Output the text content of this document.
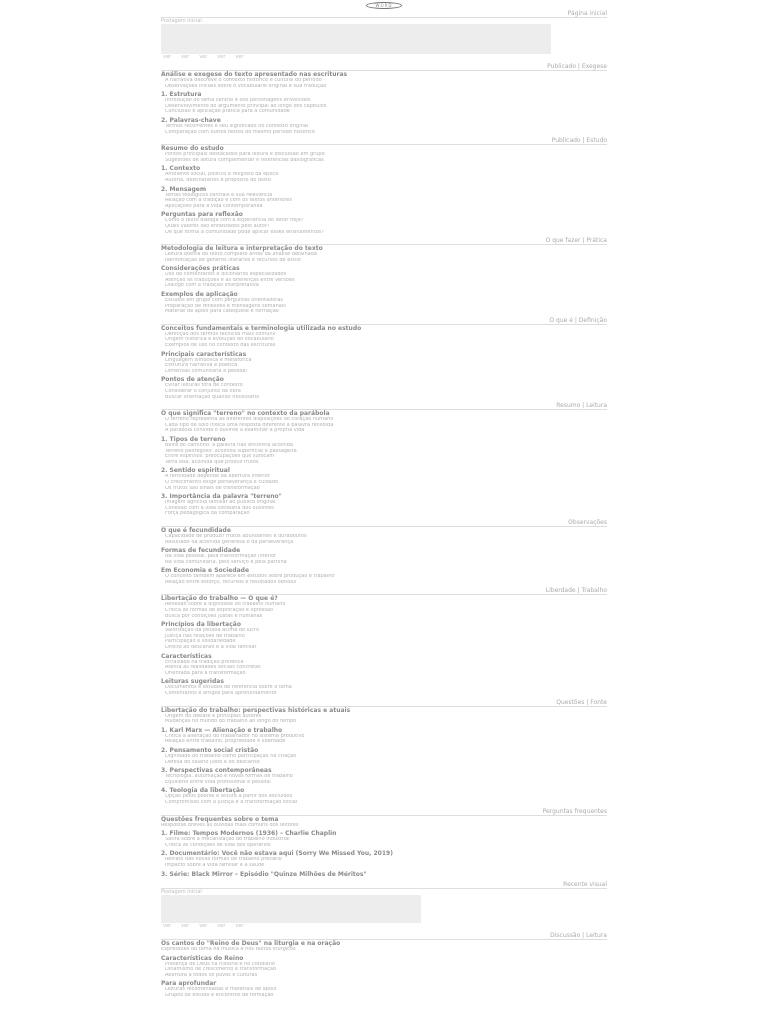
WORD
Página inicial
Postagem inicial
ver ver ver ver ver
Publicado | Exegese
Análise e exegese do texto apresentado nas escrituras
A narrativa descreve o contexto histórico e cultural do período
Observações iniciais sobre o vocabulário original e sua tradução
1. Estrutura
Introdução do tema central e dos personagens envolvidos
Desenvolvimento do argumento principal ao longo dos capítulos
Conclusão e aplicação prática para a comunidade
2. Palavras-chave
Termos recorrentes e seu significado no contexto original
Comparação com outros textos do mesmo período histórico
Publicado | Estudo
Resumo do estudo
Pontos principais destacados para leitura e discussão em grupo
Sugestões de leitura complementar e referências bibliográficas
1. Contexto
Ambiente social, político e religioso da época
Autoria, destinatários e propósito do texto
2. Mensagem
Temas teológicos centrais e sua relevância
Relação com a tradição e com os textos anteriores
Aplicações para a vida contemporânea
Perguntas para reflexão
Como o texto dialoga com a experiência do leitor hoje?
Quais valores são enfatizados pelo autor?
De que forma a comunidade pode aplicar esses ensinamentos?
O que fazer | Prática
Metodologia de leitura e interpretação do texto
Leitura atenta do texto completo antes da análise detalhada
Identificação de gêneros literários e recursos de estilo
Considerações práticas
Uso de comentários e dicionários especializados
Atenção às traduções e às diferenças entre versões
Diálogo com a tradição interpretativa
Exemplos de aplicação
Estudos em grupo com perguntas orientadoras
Preparação de reflexões e mensagens semanais
Material de apoio para catequese e formação
O que é | Definição
Conceitos fundamentais e terminologia utilizada no estudo
Definição dos termos técnicos mais comuns
Origem histórica e evolução do vocabulário
Exemplos de uso no contexto das escrituras
Principais características
Linguagem simbólica e metafórica
Estrutura narrativa e poética
Dimensão comunitária e pessoal
Pontos de atenção
Evitar leituras fora de contexto
Considerar o conjunto da obra
Buscar orientação quando necessário
Resumo | Leitura
O que significa "terreno" no contexto da parábola
O terreno representa as diferentes disposições do coração humano
Cada tipo de solo indica uma resposta diferente à palavra recebida
A parábola convida o ouvinte a examinar a própria vida
1. Tipos de terreno
Beira do caminho: a palavra não encontra acolhida
Terreno pedregoso: acolhida superficial e passageira
Entre espinhos: preocupações que sufocam
Terra boa: acolhida que produz frutos
2. Sentido espiritual
A fertilidade depende da abertura interior
O crescimento exige perseverança e cuidado
Os frutos são sinais de transformação
3. Importância da palavra "terreno"
Imagem agrícola familiar ao público original
Conexão com a vida cotidiana dos ouvintes
Força pedagógica da comparação
Observações
O que é fecundidade
Capacidade de produzir frutos abundantes e duradouros
Resultado da acolhida generosa e da perseverança
Formas de fecundidade
Na vida pessoal, pela transformação interior
Na vida comunitária, pelo serviço e pela partilha
Em Economia e Sociedade
O conceito também aparece em estudos sobre produção e trabalho
Relação entre esforço, recursos e resultados obtidos
Liberdade | Trabalho
Libertação do trabalho — O que é?
Reflexão sobre a dignidade do trabalho humano
Crítica às formas de exploração e opressão
Busca por condições justas e humanas
Princípios da libertação
Valorização da pessoa acima do lucro
Justiça nas relações de trabalho
Participação e solidariedade
Direito ao descanso e à vida familiar
Características
Enraizada na tradição profética
Atenta às realidades sociais concretas
Orientada para a transformação
Leituras sugeridas
Documentos e estudos de referência sobre o tema
Comentários e artigos para aprofundamento
Questões | Fonte
Libertação do trabalho: perspectivas históricas e atuais
Origem do debate e principais autores
Mudanças no mundo do trabalho ao longo do tempo
1. Karl Marx — Alienação e trabalho
Crítica à alienação do trabalhador no sistema produtivo
Relação entre trabalho, propriedade e liberdade
2. Pensamento social cristão
Dignidade do trabalho como participação na criação
Defesa do salário justo e do descanso
3. Perspectivas contemporâneas
Tecnologia, automação e novas formas de trabalho
Equilíbrio entre vida profissional e pessoal
4. Teologia da libertação
Opção pelos pobres e leitura a partir dos excluídos
Compromisso com a justiça e a transformação social
Perguntas frequentes
Questões frequentes sobre o tema
Respostas breves às dúvidas mais comuns dos leitores
1. Filme: Tempos Modernos (1936) – Charlie Chaplin
Sátira sobre a mecanização do trabalho industrial
Crítica às condições de vida dos operários
2. Documentário: Você não estava aqui (Sorry We Missed You, 2019)
Retrato das novas formas de trabalho precário
Impacto sobre a vida familiar e a saúde
3. Série: Black Mirror – Episódio "Quinze Milhões de Méritos"
Recente visual
Postagem inicial
ver ver ver ver ver
Discussão | Leitura
Os cantos do "Reino de Deus" na liturgia e na oração
Expressões do tema na música e nos textos litúrgicos
Características do Reino
Presença de Deus na história e no cotidiano
Dinamismo de crescimento e transformação
Abertura a todos os povos e culturas
Para aprofundar
Leituras recomendadas e materiais de apoio
Grupos de estudo e encontros de formação
